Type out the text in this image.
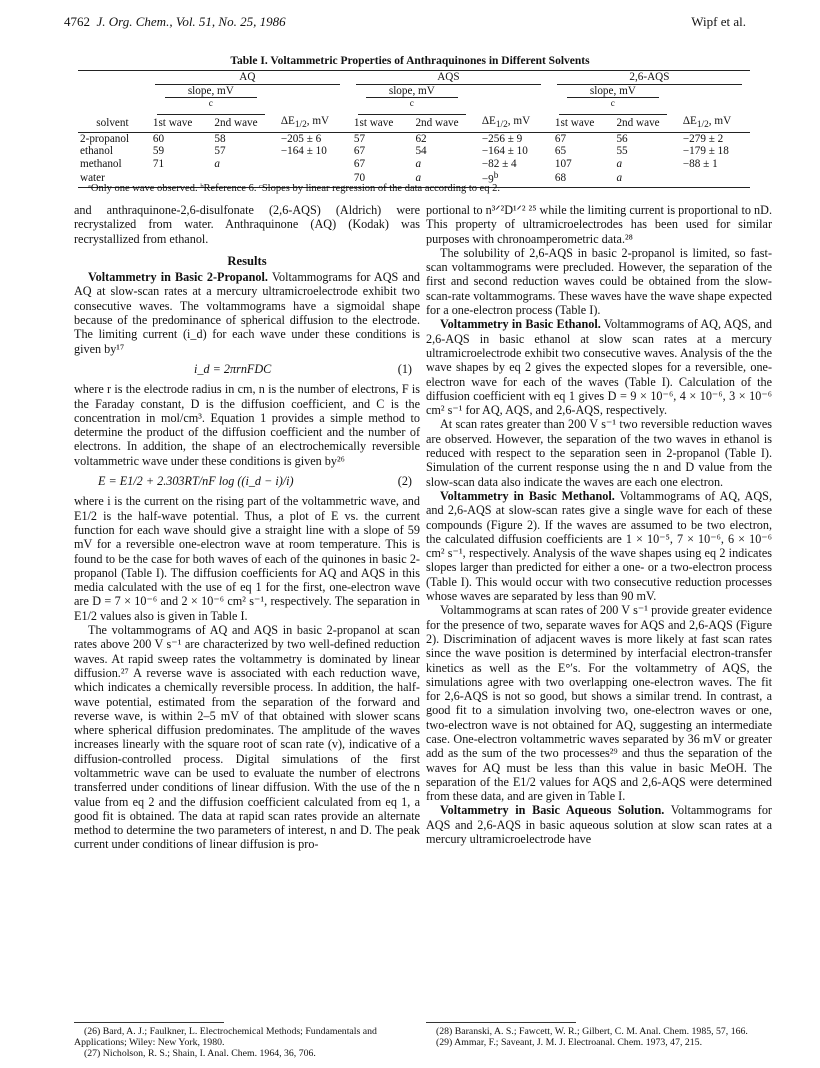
4762 J. Org. Chem., Vol. 51, No. 25, 1986	Wipf et al.
Table I. Voltammetric Properties of Anthraquinones in Different Solvents

	AQ			AQS			2,6-AQS		

	slope, mV
$^c$			slope, mV
$^c$			slope, mV
$^c$

solvent	1st wave	2nd wave	$\Delta E_{1/2}$, mV	1st wave	2nd wave	$\Delta E_{1/2}$, mV	1st wave	2nd wave	$\Delta E_{1/2}$, mV
2-propanol	60	58	−205 ± 6	57	62	−256 ± 9	67	56	−279 ± 2
ethanol	59	57	−164 ± 10	67	54	−164 ± 10	65	55	−179 ± 18
methanol	71	a		67	a	−82 ± 4	107	a	−88 ± 1
water				70	a	$-9^b$	68	a	
ᵃOnly one wave observed. ᵇReference 6. ᶜSlopes by linear regression of the data according to eq 2.

and anthraquinone-2,6-disulfonate (2,6-AQS) (Aldrich) were recrystalized from water. Anthraquinone (AQ) (Kodak) was recrystallized from ethanol.

Results

Voltammetry in Basic 2-Propanol. Voltammograms for AQS and AQ at slow-scan rates at a mercury ultramicroelectrode exhibit two consecutive waves. The voltammograms have a sigmoidal shape because of the predominance of spherical diffusion to the electrode. The limiting current (i_d) for each wave under these conditions is given by¹⁷

i_d = 2πrnFDC	(1)

where r is the electrode radius in cm, n is the number of electrons, F is the Faraday constant, D is the diffusion coefficient, and C is the concentration in mol/cm³. Equation 1 provides a simple method to determine the product of the diffusion coefficient and the number of electrons. In addition, the shape of an electrochemically reversible voltammetric wave under these conditions is given by²⁶

E = E1/2 + 2.303RT/nF log ((i_d − i)/i)	(2)

where i is the current on the rising part of the voltammetric wave, and E1/2 is the half-wave potential. Thus, a plot of E vs. the current function for each wave should give a straight line with a slope of 59 mV for a reversible one-electron wave at room temperature. This is found to be the case for both waves of each of the quinones in basic 2-propanol (Table I). The diffusion coefficients for AQ and AQS in this media calculated with the use of eq 1 for the first, one-electron wave are D = 7 × 10⁻⁶ and 2 × 10⁻⁶ cm² s⁻¹, respectively. The separation in E1/2 values also is given in Table I.

The voltammograms of AQ and AQS in basic 2-propanol at scan rates above 200 V s⁻¹ are characterized by two well-defined reduction waves. At rapid sweep rates the voltammetry is dominated by linear diffusion.²⁷ A reverse wave is associated with each reduction wave, which indicates a chemically reversible process. In addition, the half-wave potential, estimated from the separation of the forward and reverse wave, is within 2–5 mV of that obtained with slower scans where spherical diffusion predominates. The amplitude of the waves increases linearly with the square root of scan rate (v), indicative of a diffusion-controlled process. Digital simulations of the first voltammetric wave can be used to evaluate the number of electrons transferred under conditions of linear diffusion. With the use of the n value from eq 2 and the diffusion coefficient calculated from eq 1, a good fit is obtained. The data at rapid scan rates provide an alternate method to determine the two parameters of interest, n and D. The peak current under conditions of linear diffusion is pro-

portional to n³ᐟ²D¹ᐟ² ²⁵ while the limiting current is proportional to nD. This property of ultramicroelectrodes has been used for similar purposes with chronoamperometric data.²⁸

The solubility of 2,6-AQS in basic 2-propanol is limited, so fast-scan voltammograms were precluded. However, the separation of the first and second reduction waves could be obtained from the slow-scan-rate voltammograms. These waves have the wave shape expected for a one-electron process (Table I).

Voltammetry in Basic Ethanol. Voltammograms of AQ, AQS, and 2,6-AQS in basic ethanol at slow scan rates at a mercury ultramicroelectrode exhibit two consecutive waves. Analysis of the the wave shapes by eq 2 gives the expected slopes for a reversible, one-electron wave for each of the waves (Table I). Calculation of the diffusion coefficient with eq 1 gives D = 9 × 10⁻⁶, 4 × 10⁻⁶, 3 × 10⁻⁶ cm² s⁻¹ for AQ, AQS, and 2,6-AQS, respectively.

At scan rates greater than 200 V s⁻¹ two reversible reduction waves are observed. However, the separation of the two waves in ethanol is reduced with respect to the separation seen in 2-propanol (Table I). Simulation of the current response using the n and D value from the slow-scan data also indicate the waves are each one electron.

Voltammetry in Basic Methanol. Voltammograms of AQ, AQS, and 2,6-AQS at slow-scan rates give a single wave for each of these compounds (Figure 2). If the waves are assumed to be two electron, the calculated diffusion coefficients are 1 × 10⁻⁵, 7 × 10⁻⁶, 6 × 10⁻⁶ cm² s⁻¹, respectively. Analysis of the wave shapes using eq 2 indicates slopes larger than predicted for either a one- or a two-electron process (Table I). This would occur with two consecutive reduction processes whose waves are separated by less than 90 mV.

Voltammograms at scan rates of 200 V s⁻¹ provide greater evidence for the presence of two, separate waves for AQS and 2,6-AQS (Figure 2). Discrimination of adjacent waves is more likely at fast scan rates since the wave position is determined by interfacial electron-transfer kinetics as well as the E°′s. For the voltammetry of AQS, the simulations agree with two overlapping one-electron waves. The fit for 2,6-AQS is not so good, but shows a similar trend. In contrast, a good fit to a simulation involving two, one-electron waves or one, two-electron wave is not obtained for AQ, suggesting an intermediate case. One-electron voltammetric waves separated by 36 mV or greater add as the sum of the two processes²⁹ and thus the separation of the waves for AQ must be less than this value in basic MeOH. The separation of the E1/2 values for AQS and 2,6-AQS were determined from these data, and are given in Table I.

Voltammetry in Basic Aqueous Solution. Voltammograms for AQS and 2,6-AQS in basic aqueous solution at slow scan rates at a mercury ultramicroelectrode have

(26) Bard, A. J.; Faulkner, L. Electrochemical Methods; Fundamentals and Applications; Wiley: New York, 1980.
(27) Nicholson, R. S.; Shain, I. Anal. Chem. 1964, 36, 706.
(28) Baranski, A. S.; Fawcett, W. R.; Gilbert, C. M. Anal. Chem. 1985, 57, 166.
(29) Ammar, F.; Saveant, J. M. J. Electroanal. Chem. 1973, 47, 215.
